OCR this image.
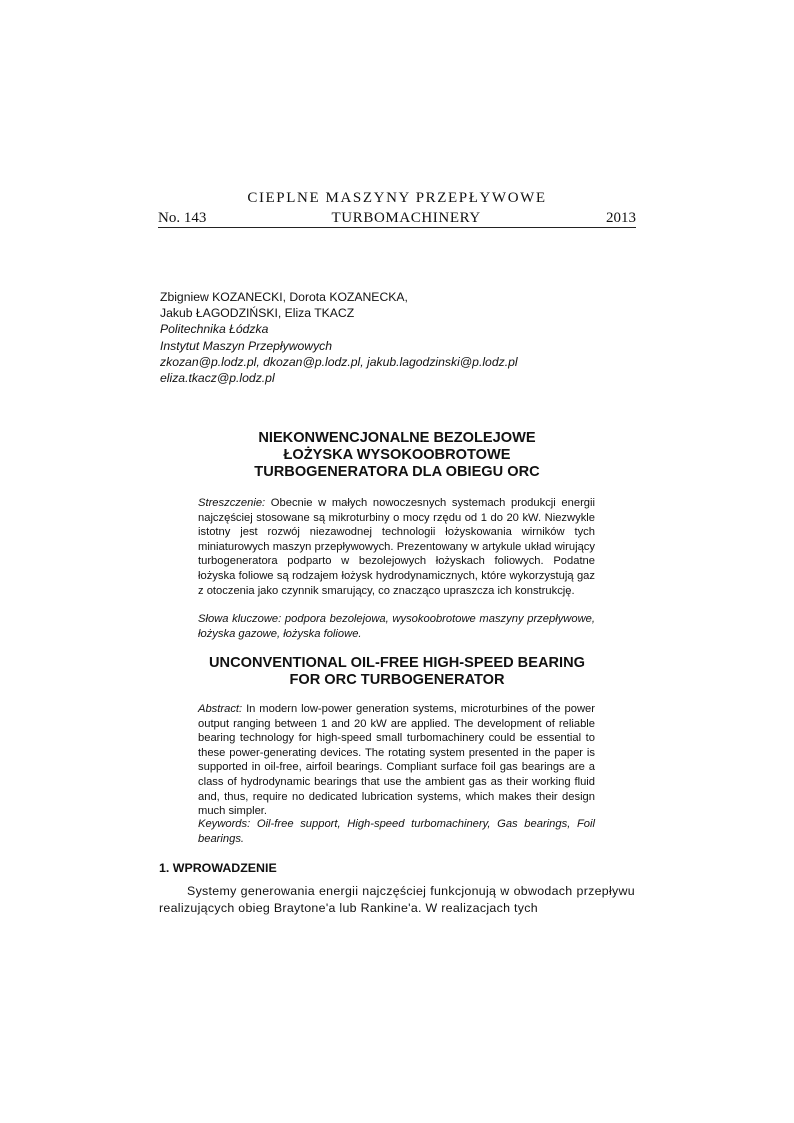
CIEPLNE MASZYNY PRZEPŁYWOWE
No. 143	TURBOMACHINERY	2013
Zbigniew KOZANECKI, Dorota KOZANECKA,
Jakub ŁAGODZIŃSKI, Eliza TKACZ
Politechnika Łódzka
Instytut Maszyn Przepływowych
zkozan@p.lodz.pl, dkozan@p.lodz.pl, jakub.lagodzinski@p.lodz.pl
eliza.tkacz@p.lodz.pl
NIEKONWENCJONALNE BEZOLEJOWE
ŁOŻYSKA WYSOKOOBROTOWE
TURBOGENERATORA DLA OBIEGU ORC
Streszczenie: Obecnie w małych nowoczesnych systemach produkcji energii najczęściej stosowane są mikroturbiny o mocy rzędu od 1 do 20 kW. Niezwykle istotny jest rozwój niezawodnej technologii łożyskowania wirników tych miniaturowych maszyn przepływowych. Prezentowany w artykule układ wirujący turbogeneratora podparto w bezolejowych łożyskach foliowych. Podatne łożyska foliowe są rodzajem łożysk hydrodynamicznych, które wykorzystują gaz z otoczenia jako czynnik smarujący, co znacząco upraszcza ich konstrukcję.
Słowa kluczowe: podpora bezolejowa, wysokoobrotowe maszyny przepływowe, łożyska gazowe, łożyska foliowe.
UNCONVENTIONAL OIL-FREE HIGH-SPEED BEARING
FOR ORC TURBOGENERATOR
Abstract: In modern low-power generation systems, microturbines of the power output ranging between 1 and 20 kW are applied. The development of reliable bearing technology for high-speed small turbomachinery could be essential to these power-generating devices. The rotating system presented in the paper is supported in oil-free, airfoil bearings. Compliant surface foil gas bearings are a class of hydrodynamic bearings that use the ambient gas as their working fluid and, thus, require no dedicated lubrication systems, which makes their design much simpler.
Keywords: Oil-free support, High-speed turbomachinery, Gas bearings, Foil bearings.
1. WPROWADZENIE
Systemy generowania energii najczęściej funkcjonują w obwodach przepływu realizujących obieg Braytone'a lub Rankine'a. W realizacjach tych
